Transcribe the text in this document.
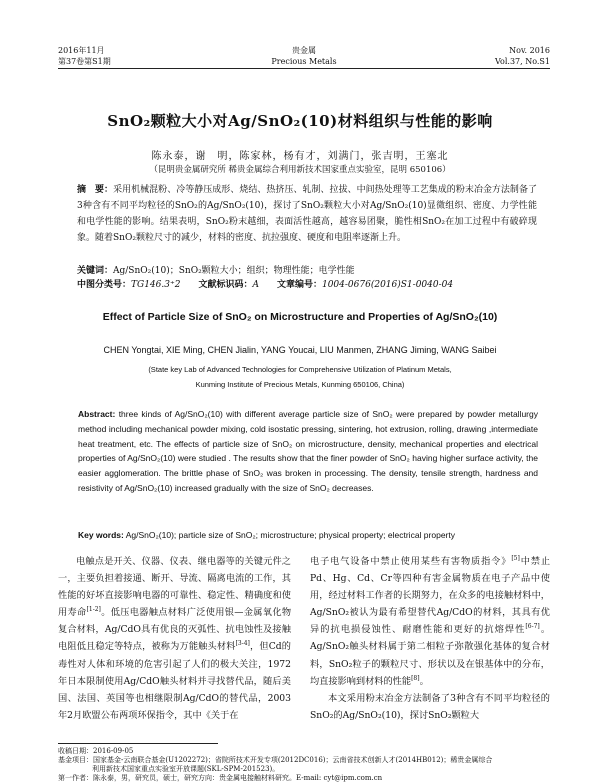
2016年11月
第37卷第S1期
贵金属
Precious Metals
Nov. 2016
Vol.37, No.S1
SnO₂颗粒大小对Ag/SnO₂(10)材料组织与性能的影响
陈永泰，谢　明，陈家林，杨有才，刘满门，张吉明，王塞北
（昆明贵金属研究所 稀贵金属综合利用新技术国家重点实验室，昆明 650106）
摘　要：采用机械混粉、冷等静压成形、烧结、热挤压、轧制、拉拔、中间热处理等工艺集成的粉末冶金方法制备了3种含有不同平均粒径的SnO₂的Ag/SnO₂(10)，探讨了SnO₂颗粒大小对Ag/SnO₂(10)显微组织、密度、力学性能和电学性能的影响。结果表明，SnO₂粉末越细，表面活性越高，越容易团聚，脆性相SnO₂在加工过程中有破碎现象。随着SnO₂颗粒尺寸的减少，材料的密度、抗拉强度、硬度和电阻率逐渐上升。
关键词：Ag/SnO₂(10)；SnO₂颗粒大小；组织；物理性能；电学性能
中图分类号：TG146.3⁺2 文献标识码：A 文章编号：1004-0676(2016)S1-0040-04
Effect of Particle Size of SnO₂ on Microstructure and Properties of Ag/SnO₂(10)
CHEN Yongtai, XIE Ming, CHEN Jialin, YANG Youcai, LIU Manmen, ZHANG Jiming, WANG Saibei
(State key Lab of Advanced Technologies for Comprehensive Utilization of Platinum Metals,
Kunming Institute of Precious Metals, Kunming 650106, China)
Abstract: three kinds of Ag/SnO₂(10) with different average particle size of SnO₂ were prepared by powder metallurgy method including mechanical powder mixing, cold isostatic pressing, sintering, hot extrusion, rolling, drawing ,intermediate heat treatment, etc. The effects of particle size of SnO₂ on microstructure, density, mechanical properties and electrical properties of Ag/SnO₂(10) were studied . The results show that the finer powder of SnO₂ having higher surface activity, the easier agglomeration. The brittle phase of SnO₂ was broken in processing. The density, tensile strength, hardness and resistivity of Ag/SnO₂(10) increased gradually with the size of SnO₂ decreases.
Key words: Ag/SnO₂(10); particle size of SnO₂; microstructure; physical property; electrical property
电触点是开关、仪器、仪表、继电器等的关键元件之一，主要负担着接通、断开、导流、隔离电流的工作，其性能的好坏直接影响电器的可靠性、稳定性、精确度和使用寿命[1-2]。低压电器触点材料广泛使用银—金属氧化物复合材料，Ag/CdO具有优良的灭弧性、抗电蚀性及接触电阻低且稳定等特点，被称为万能触头材料[3-4]，但Cd的毒性对人体和环境的危害引起了人们的极大关注，1972年日本限制使用Ag/CdO触头材料并寻找替代品，随后美国、法国、英国等也相继限制Ag/CdO的替代品，2003年2月欧盟公布两项环保指令，其中《关于在

电子电气设备中禁止使用某些有害物质指令》[5]中禁止Pd、Hg、Cd、Cr等四种有害金属物质在电子产品中使用，经过材料工作者的长期努力，在众多的电接触材料中，Ag/SnO₂被认为最有希望替代Ag/CdO的材料，其具有优异的抗电损侵蚀性、耐磨性能和更好的抗熔焊性[6-7]。Ag/SnO₂触头材料属于第二相粒子弥散强化基体的复合材料，SnO₂粒子的颗粒尺寸、形状以及在银基体中的分布，均直接影响到材料的性能[8]。

本文采用粉末冶金方法制备了3种含有不同平均粒径的SnO₂的Ag/SnO₂(10)，探讨SnO₂颗粒大

收稿日期：2016-09-05
基金项目：国家基金-云南联合基金(U1202272)；省院所技术开发专项(2012DC016)；云南省技术创新人才(2014HB012)；稀贵金属综合
利用新技术国家重点实验室开放课题(SKL-SPM-201523)。
第一作者：陈永泰，男，研究员，硕士，研究方向：贵金属电接触材料研究。E-mail: cyt@ipm.com.cn
